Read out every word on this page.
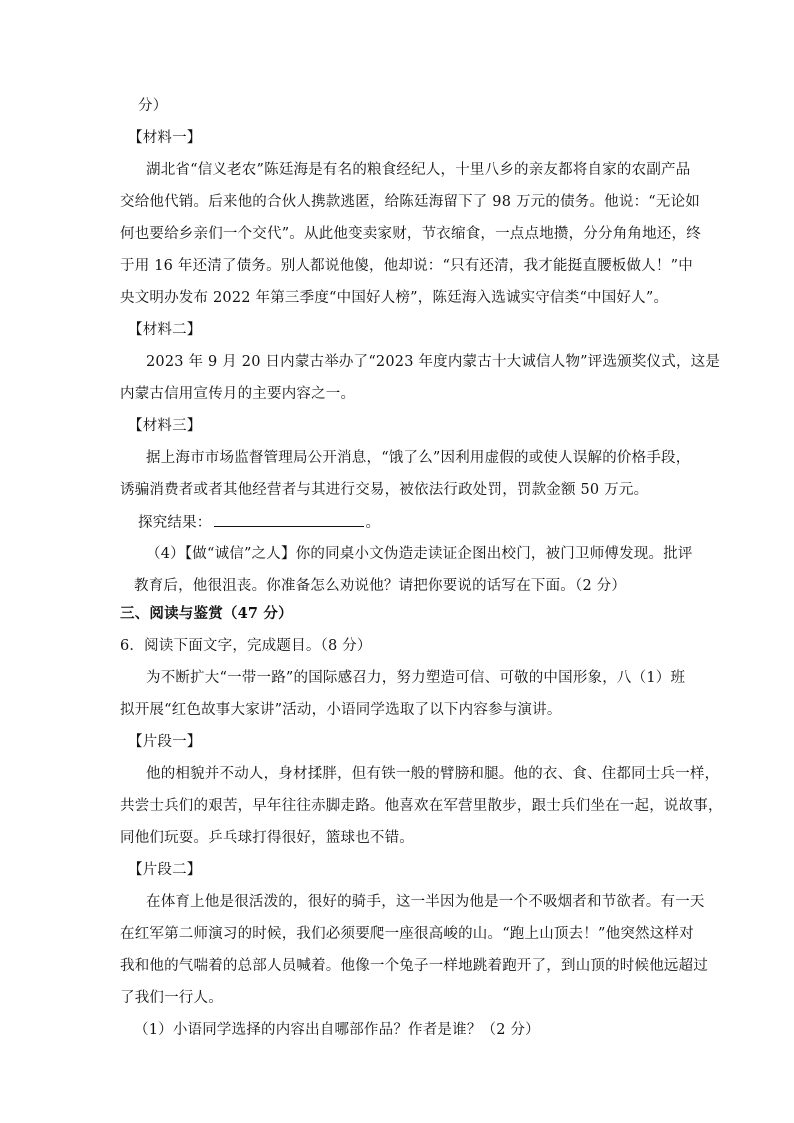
分）
【材料一】
湖北省“信义老农”陈廷海是有名的粮食经纪人，十里八乡的亲友都将自家的农副产品
交给他代销。后来他的合伙人携款逃匿，给陈廷海留下了 98 万元的债务。他说：“无论如
何也要给乡亲们一个交代”。从此他变卖家财，节衣缩食，一点点地攒，分分角角地还，终
于用 16 年还清了债务。别人都说他傻，他却说：“只有还清，我才能挺直腰板做人！”中
央文明办发布 2022 年第三季度“中国好人榜”，陈廷海入选诚实守信类“中国好人”。
【材料二】
2023 年 9 月 20 日内蒙古举办了“2023 年度内蒙古十大诚信人物”评选颁奖仪式，这是
内蒙古信用宣传月的主要内容之一。
【材料三】
据上海市市场监督管理局公开消息，“饿了么”因利用虚假的或使人误解的价格手段，
诱骗消费者或者其他经营者与其进行交易，被依法行政处罚，罚款金额 50 万元。
探究结果：	。
（4）【做“诚信”之人】你的同桌小文伪造走读证企图出校门，被门卫师傅发现。批评
教育后，他很沮丧。你准备怎么劝说他？请把你要说的话写在下面。（2 分）
三、阅读与鉴赏（47 分）
6．阅读下面文字，完成题目。（8 分）
为不断扩大“一带一路”的国际感召力，努力塑造可信、可敬的中国形象，八（1）班
拟开展“红色故事大家讲”活动，小语同学选取了以下内容参与演讲。
【片段一】
他的相貌并不动人，身材揉胖，但有铁一般的臂膀和腿。他的衣、食、住都同士兵一样，
共尝士兵们的艰苦，早年往往赤脚走路。他喜欢在军营里散步，跟士兵们坐在一起，说故事，
同他们玩耍。乒乓球打得很好，篮球也不错。
【片段二】
在体育上他是很活泼的，很好的骑手，这一半因为他是一个不吸烟者和节欲者。有一天
在红军第二师演习的时候，我们必须要爬一座很高峻的山。“跑上山顶去！”他突然这样对
我和他的气喘着的总部人员喊着。他像一个兔子一样地跳着跑开了，到山顶的时候他远超过
了我们一行人。
（1）小语同学选择的内容出自哪部作品？作者是谁？（2 分）
